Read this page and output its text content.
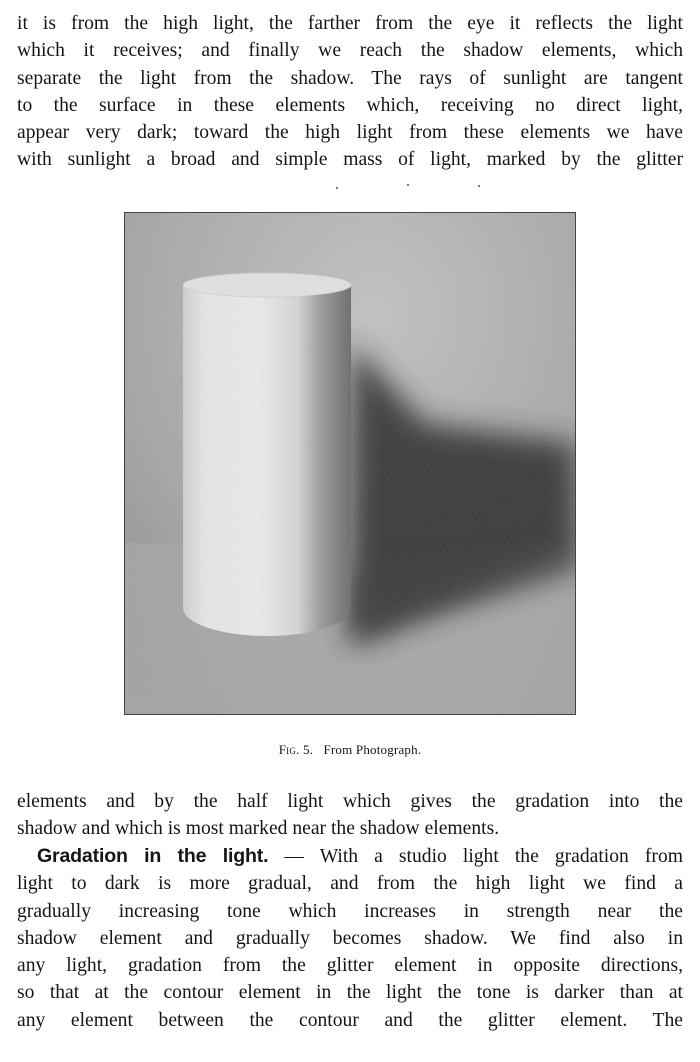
it is from the high light, the farther from the eye it reflects the light
which it receives; and finally we reach the shadow elements, which
separate the light from the shadow. The rays of sunlight are tangent
to the surface in these elements which, receiving no direct light,
appear very dark; toward the high light from these elements we have
with sunlight a broad and simple mass of light, marked by the glitter
Fig. 5. From Photograph.
elements and by the half light which gives the gradation into the
shadow and which is most marked near the shadow elements.
Gradation in the light. — With a studio light the gradation from
light to dark is more gradual, and from the high light we find a
gradually increasing tone which increases in strength near the
shadow element and gradually becomes shadow. We find also in
any light, gradation from the glitter element in opposite directions,
so that at the contour element in the light the tone is darker than at
any element between the contour and the glitter element. The
